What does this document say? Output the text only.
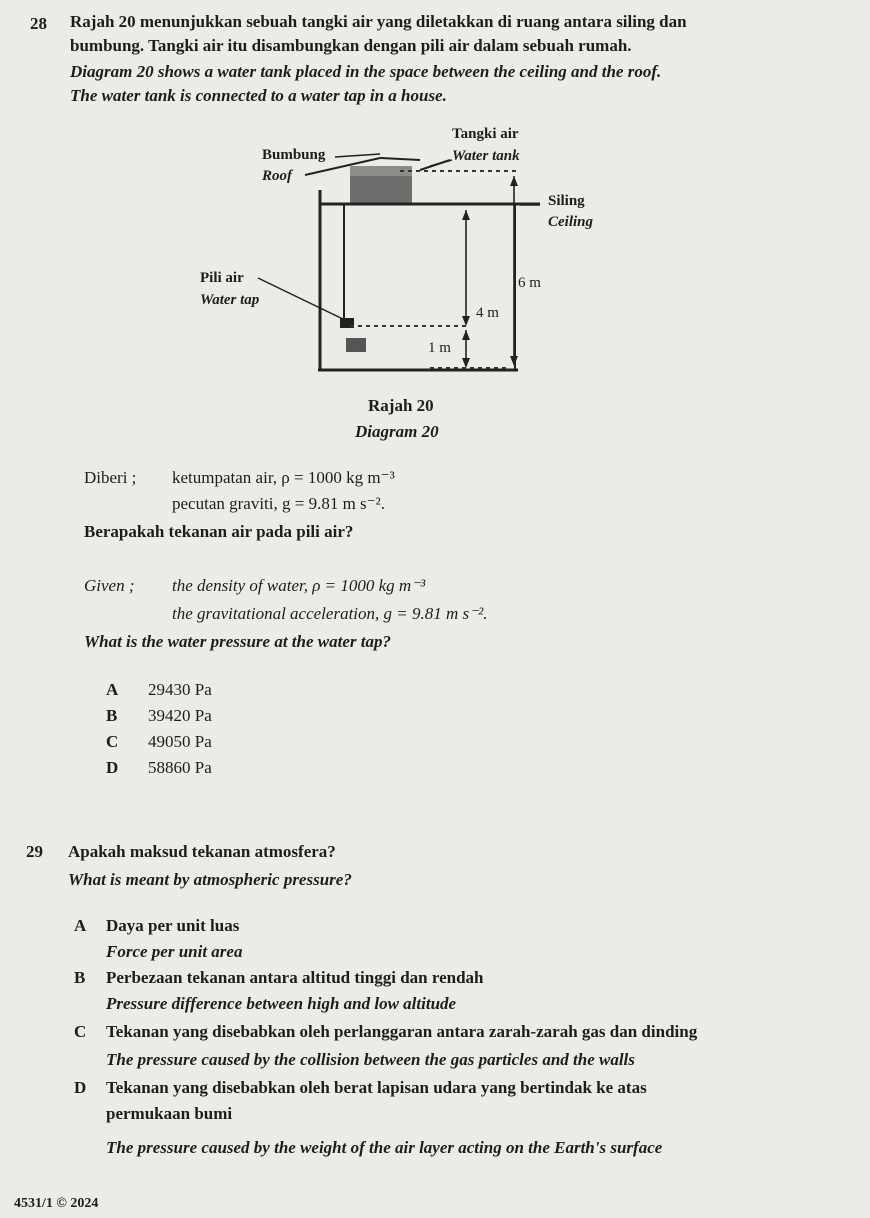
28 Rajah 20 menunjukkan sebuah tangki air yang diletakkan di ruang antara siling dan
bumbung. Tangki air itu disambungkan dengan pili air dalam sebuah rumah.
Diagram 20 shows a water tank placed in the space between the ceiling and the roof.
The water tank is connected to a water tap in a house.
Tangki air
Water tank
Bumbung
Roof
Siling
Ceiling
Pili air
Water tap
6 m
4 m
1 m
Rajah 20
Diagram 20
Diberi ; ketumpatan air, ρ = 1000 kg m⁻³
pecutan graviti, g = 9.81 m s⁻².
Berapakah tekanan air pada pili air?
Given ; the density of water, ρ = 1000 kg m⁻³
the gravitational acceleration, g = 9.81 m s⁻².
What is the water pressure at the water tap?
A 29430 Pa
B 39420 Pa
C 49050 Pa
D 58860 Pa
29 Apakah maksud tekanan atmosfera?
What is meant by atmospheric pressure?
A Daya per unit luas
Force per unit area
B Perbezaan tekanan antara altitud tinggi dan rendah
Pressure difference between high and low altitude
C Tekanan yang disebabkan oleh perlanggaran antara zarah-zarah gas dan dinding
The pressure caused by the collision between the gas particles and the walls
D Tekanan yang disebabkan oleh berat lapisan udara yang bertindak ke atas
permukaan bumi
The pressure caused by the weight of the air layer acting on the Earth's surface
4531/1 © 2024
